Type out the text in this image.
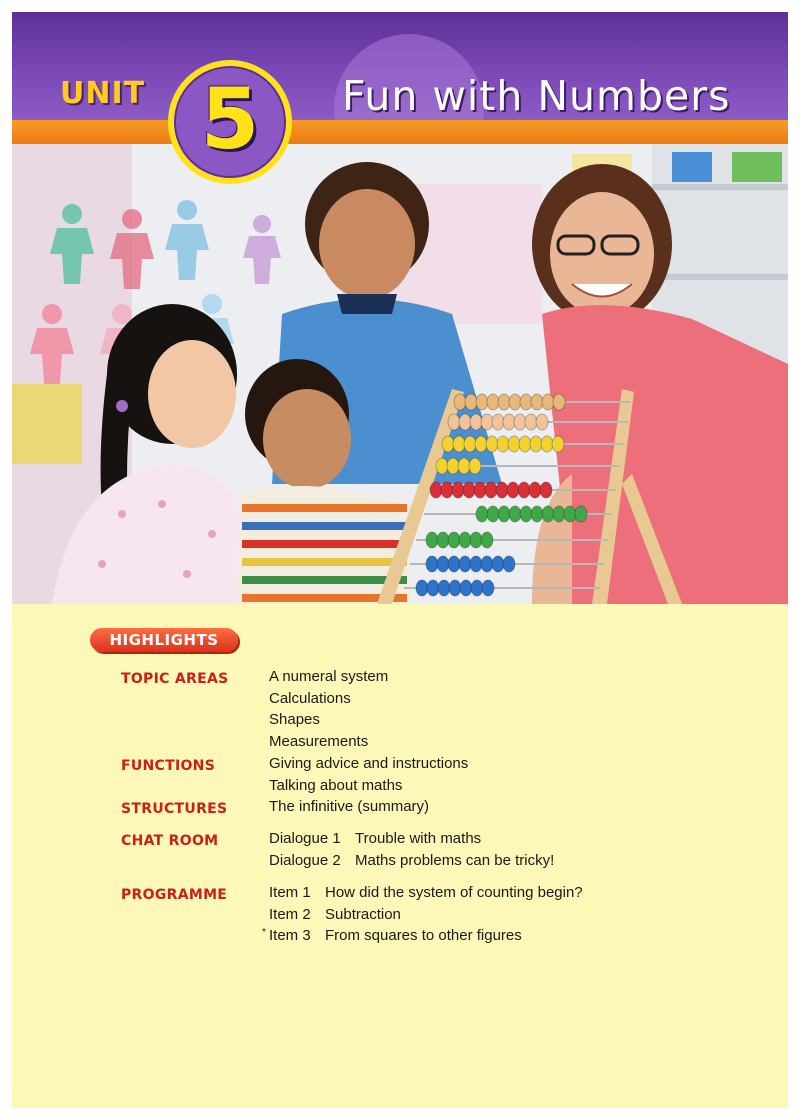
UNIT 5	Fun with Numbers
HIGHLIGHTS
TOPIC AREAS	A numeral system
Calculations
Shapes
Measurements
FUNCTIONS	Giving advice and instructions
Talking about maths
STRUCTURES	The infinitive (summary)
CHAT ROOM	Dialogue 1 Trouble with maths
Dialogue 2 Maths problems can be tricky!
PROGRAMME	Item 1 How did the system of counting begin?
Item 2 Subtraction
* Item 3 From squares to other figures
